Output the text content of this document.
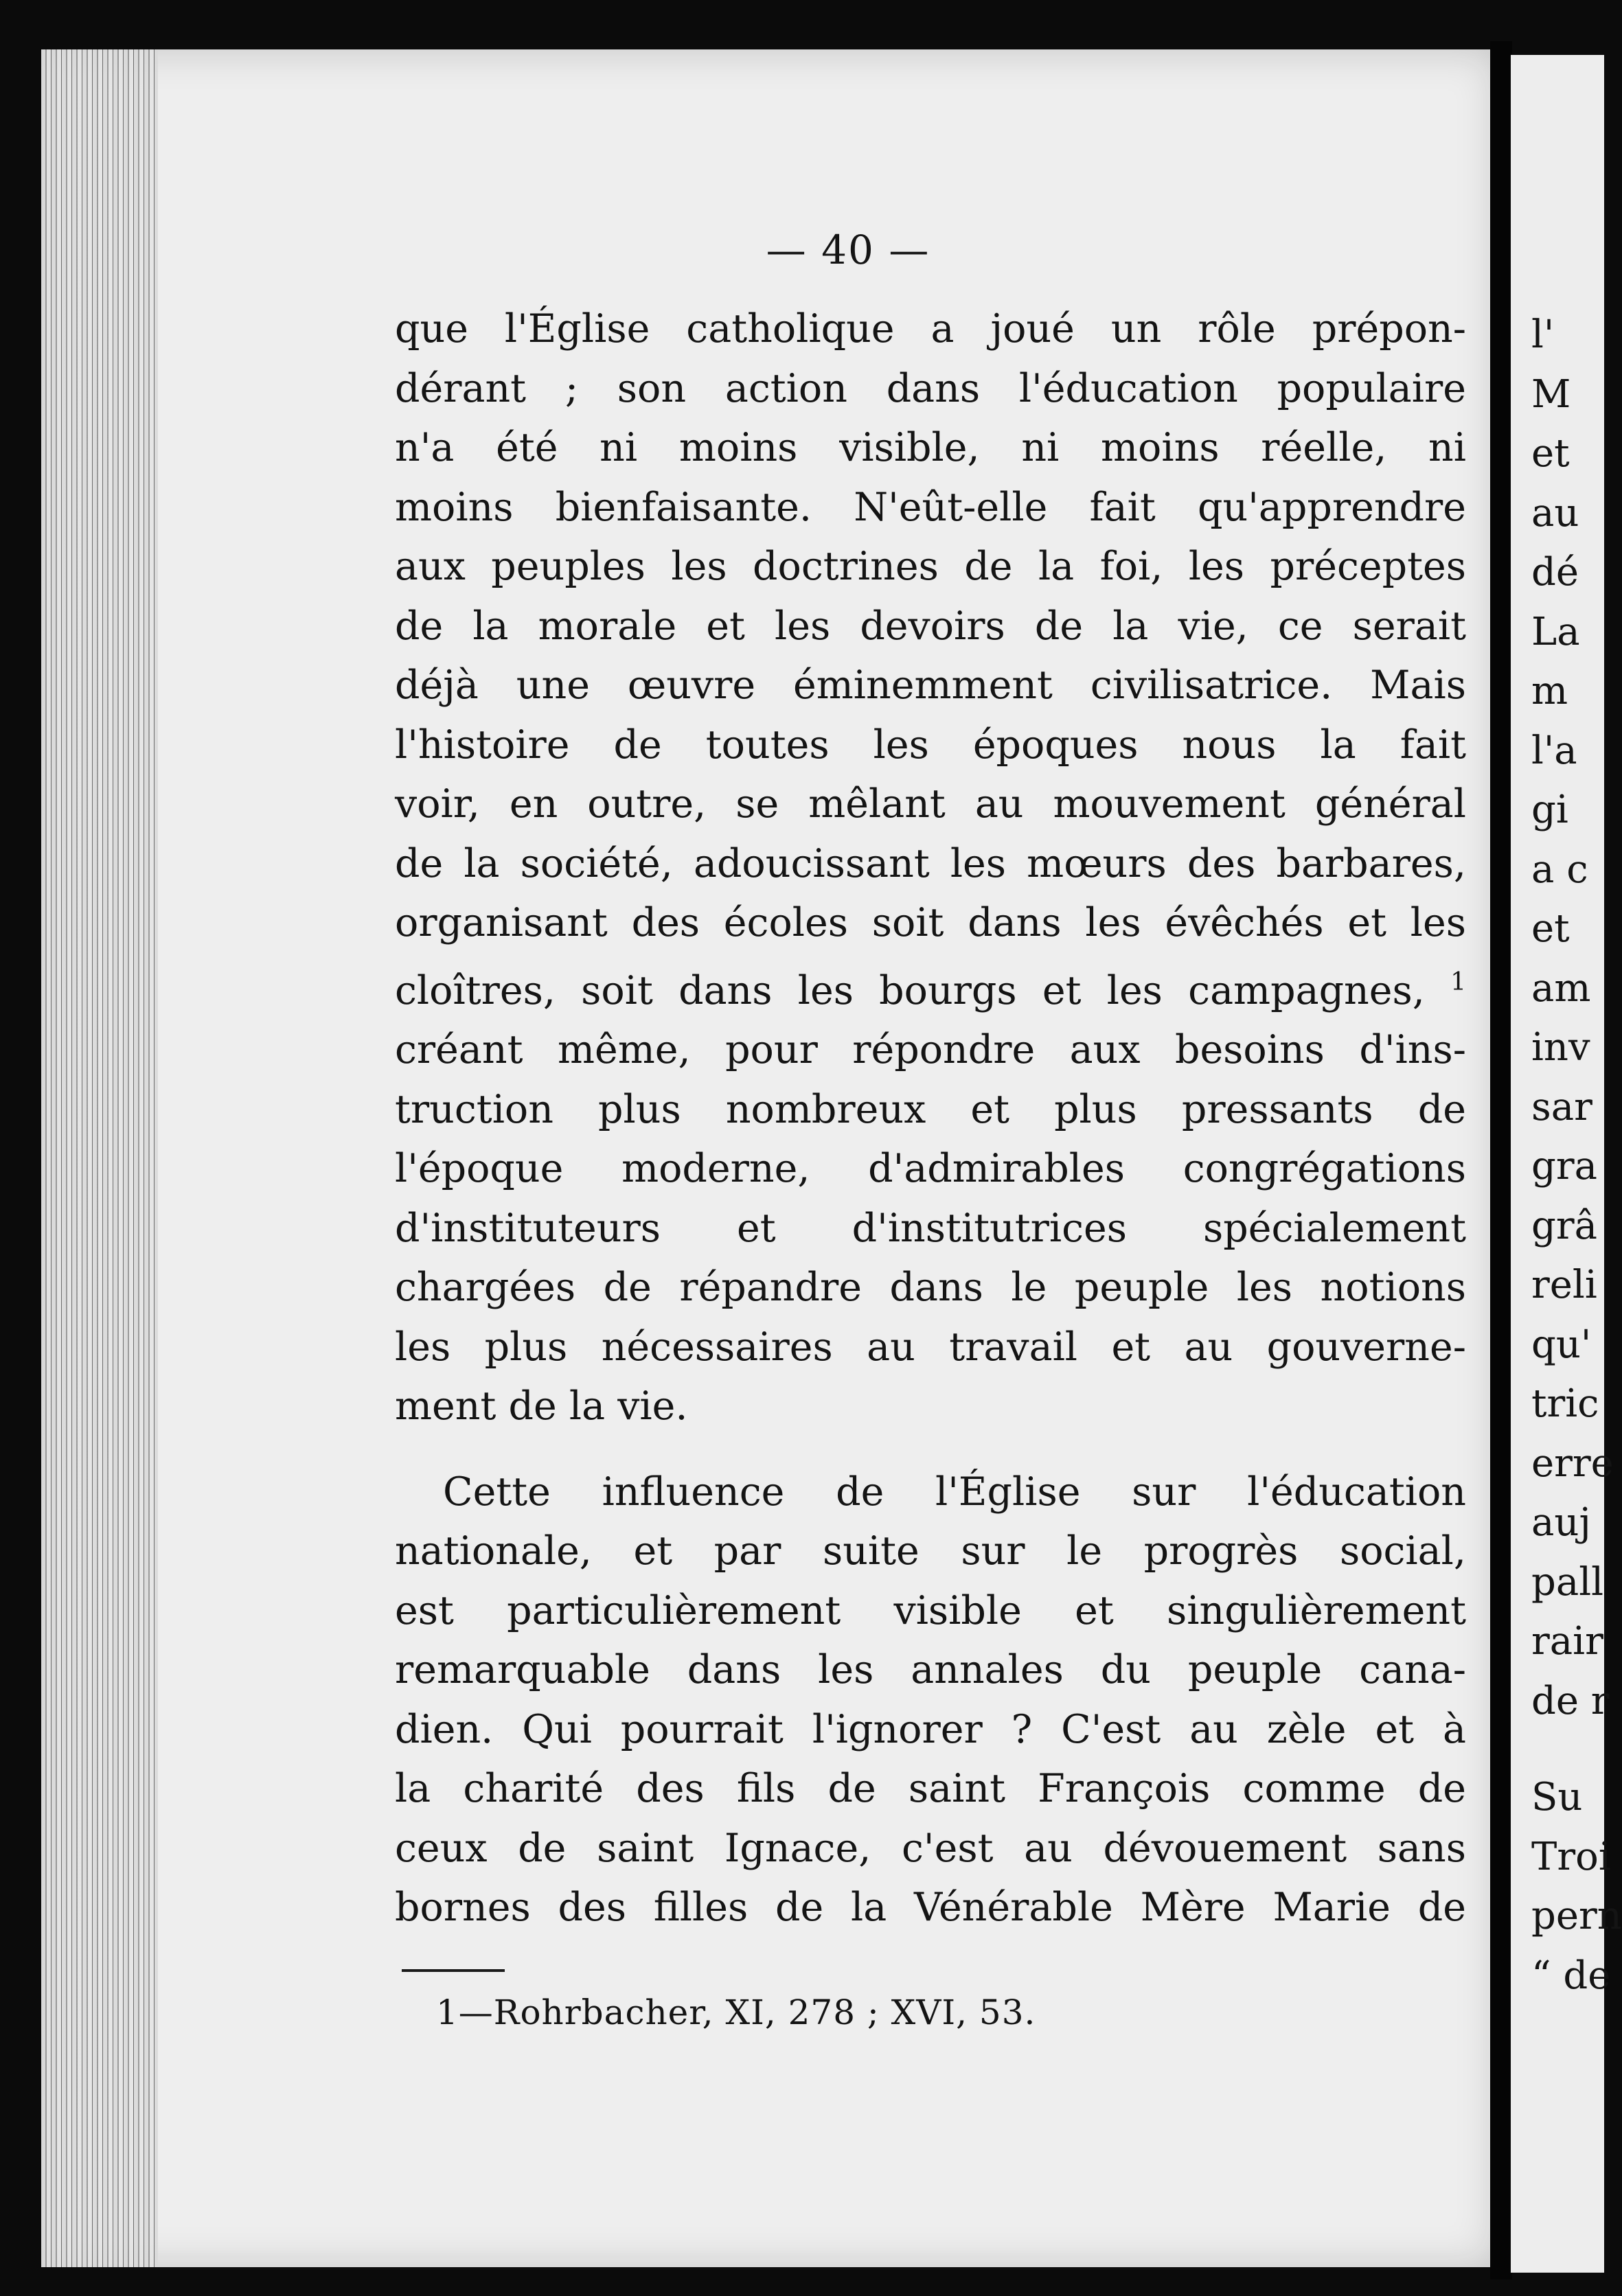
— 40 —
que l'Église catholique a joué un rôle prépon-
dérant ; son action dans l'éducation populaire
n'a été ni moins visible, ni moins réelle, ni
moins bienfaisante. N'eût-elle fait qu'apprendre
aux peuples les doctrines de la foi, les préceptes
de la morale et les devoirs de la vie, ce serait
déjà une œuvre éminemment civilisatrice. Mais
l'histoire de toutes les époques nous la fait
voir, en outre, se mêlant au mouvement général
de la société, adoucissant les mœurs des barbares,
organisant des écoles soit dans les évêchés et les
cloîtres, soit dans les bourgs et les campagnes, $^1$
créant même, pour répondre aux besoins d'ins-
truction plus nombreux et plus pressants de
l'époque moderne, d'admirables congrégations
d'instituteurs et d'institutrices spécialement
chargées de répandre dans le peuple les notions
les plus nécessaires au travail et au gouverne-
ment de la vie.
Cette influence de l'Église sur l'éducation
nationale, et par suite sur le progrès social,
est particulièrement visible et singulièrement
remarquable dans les annales du peuple cana-
dien. Qui pourrait l'ignorer ? C'est au zèle et à
la charité des fils de saint François comme de
ceux de saint Ignace, c'est au dévouement sans
bornes des filles de la Vénérable Mère Marie de
1—Rohrbacher, XI, 278 ; XVI, 53.
l'
M
et
au
dé
La
m
l'a
gi
a c
et
am
inv
sar
gra
grâ
reli
qu'
tric
erre
auj
pall
rair
de r
Su
Troi
pern
“ de
